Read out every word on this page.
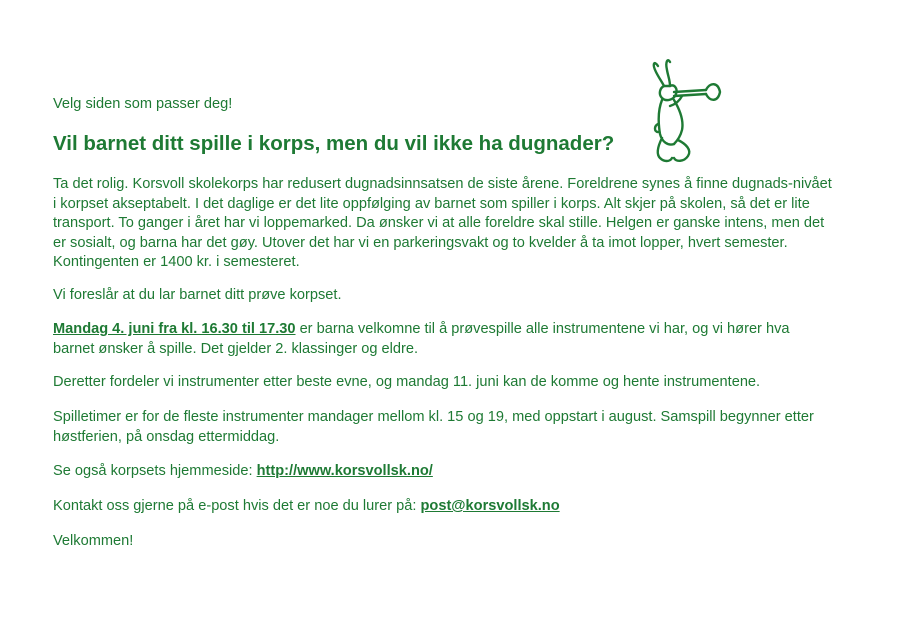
Velg siden som passer deg!

Vil barnet ditt spille i korps, men du vil ikke ha dugnader?

Ta det rolig. Korsvoll skolekorps har redusert dugnadsinnsatsen de siste årene. Foreldrene synes å finne dugnads-nivået i korpset akseptabelt. I det daglige er det lite oppfølging av barnet som spiller i korps. Alt skjer på skolen, så det er lite transport. To ganger i året har vi loppemarked. Da ønsker vi at alle foreldre skal stille. Helgen er ganske intens, men det er sosialt, og barna har det gøy. Utover det har vi en parkeringsvakt og to kvelder å ta imot lopper, hvert semester. Kontingenten er 1400 kr. i semesteret.

Vi foreslår at du lar barnet ditt prøve korpset.

Mandag 4. juni fra kl. 16.30 til 17.30 er barna velkomne til å prøvespille alle instrumentene vi har, og vi hører hva barnet ønsker å spille. Det gjelder 2. klassinger og eldre.

Deretter fordeler vi instrumenter etter beste evne, og mandag 11. juni kan de komme og hente instrumentene.

Spilletimer er for de fleste instrumenter mandager mellom kl. 15 og 19, med oppstart i august. Samspill begynner etter høstferien, på onsdag ettermiddag.

Se også korpsets hjemmeside: http://www.korsvollsk.no/

Kontakt oss gjerne på e-post hvis det er noe du lurer på: post@korsvollsk.no

Velkommen!
